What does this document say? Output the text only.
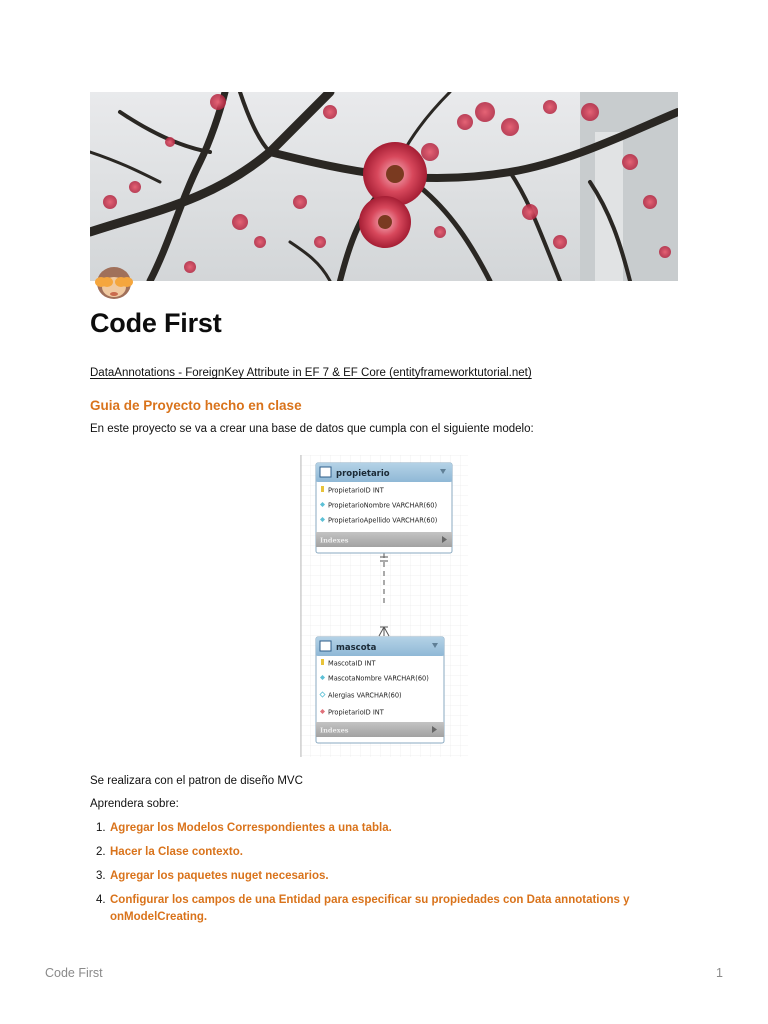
Code First
DataAnnotations - ForeignKey Attribute in EF 7 & EF Core (entityframeworktutorial.net)
Guia de Proyecto hecho en clase

En este proyecto se va a crear una base de datos que cumpla con el siguiente modelo:

propietario
PropietarioID INT
PropietarioNombre VARCHAR(60)
PropietarioApellido VARCHAR(60)
Indexes
mascota
MascotaID INT
MascotaNombre VARCHAR(60)
Alergias VARCHAR(60)
PropietarioID INT
Indexes

Se realizara con el patron de diseño MVC

Aprendera sobre:

1. Agregar los Modelos Correspondientes a una tabla.
2. Hacer la Clase contexto.
3. Agregar los paquetes nuget necesarios.
4. Configurar los campos de una Entidad para especificar su propiedades con Data annotations y onModelCreating.
Code First	1
